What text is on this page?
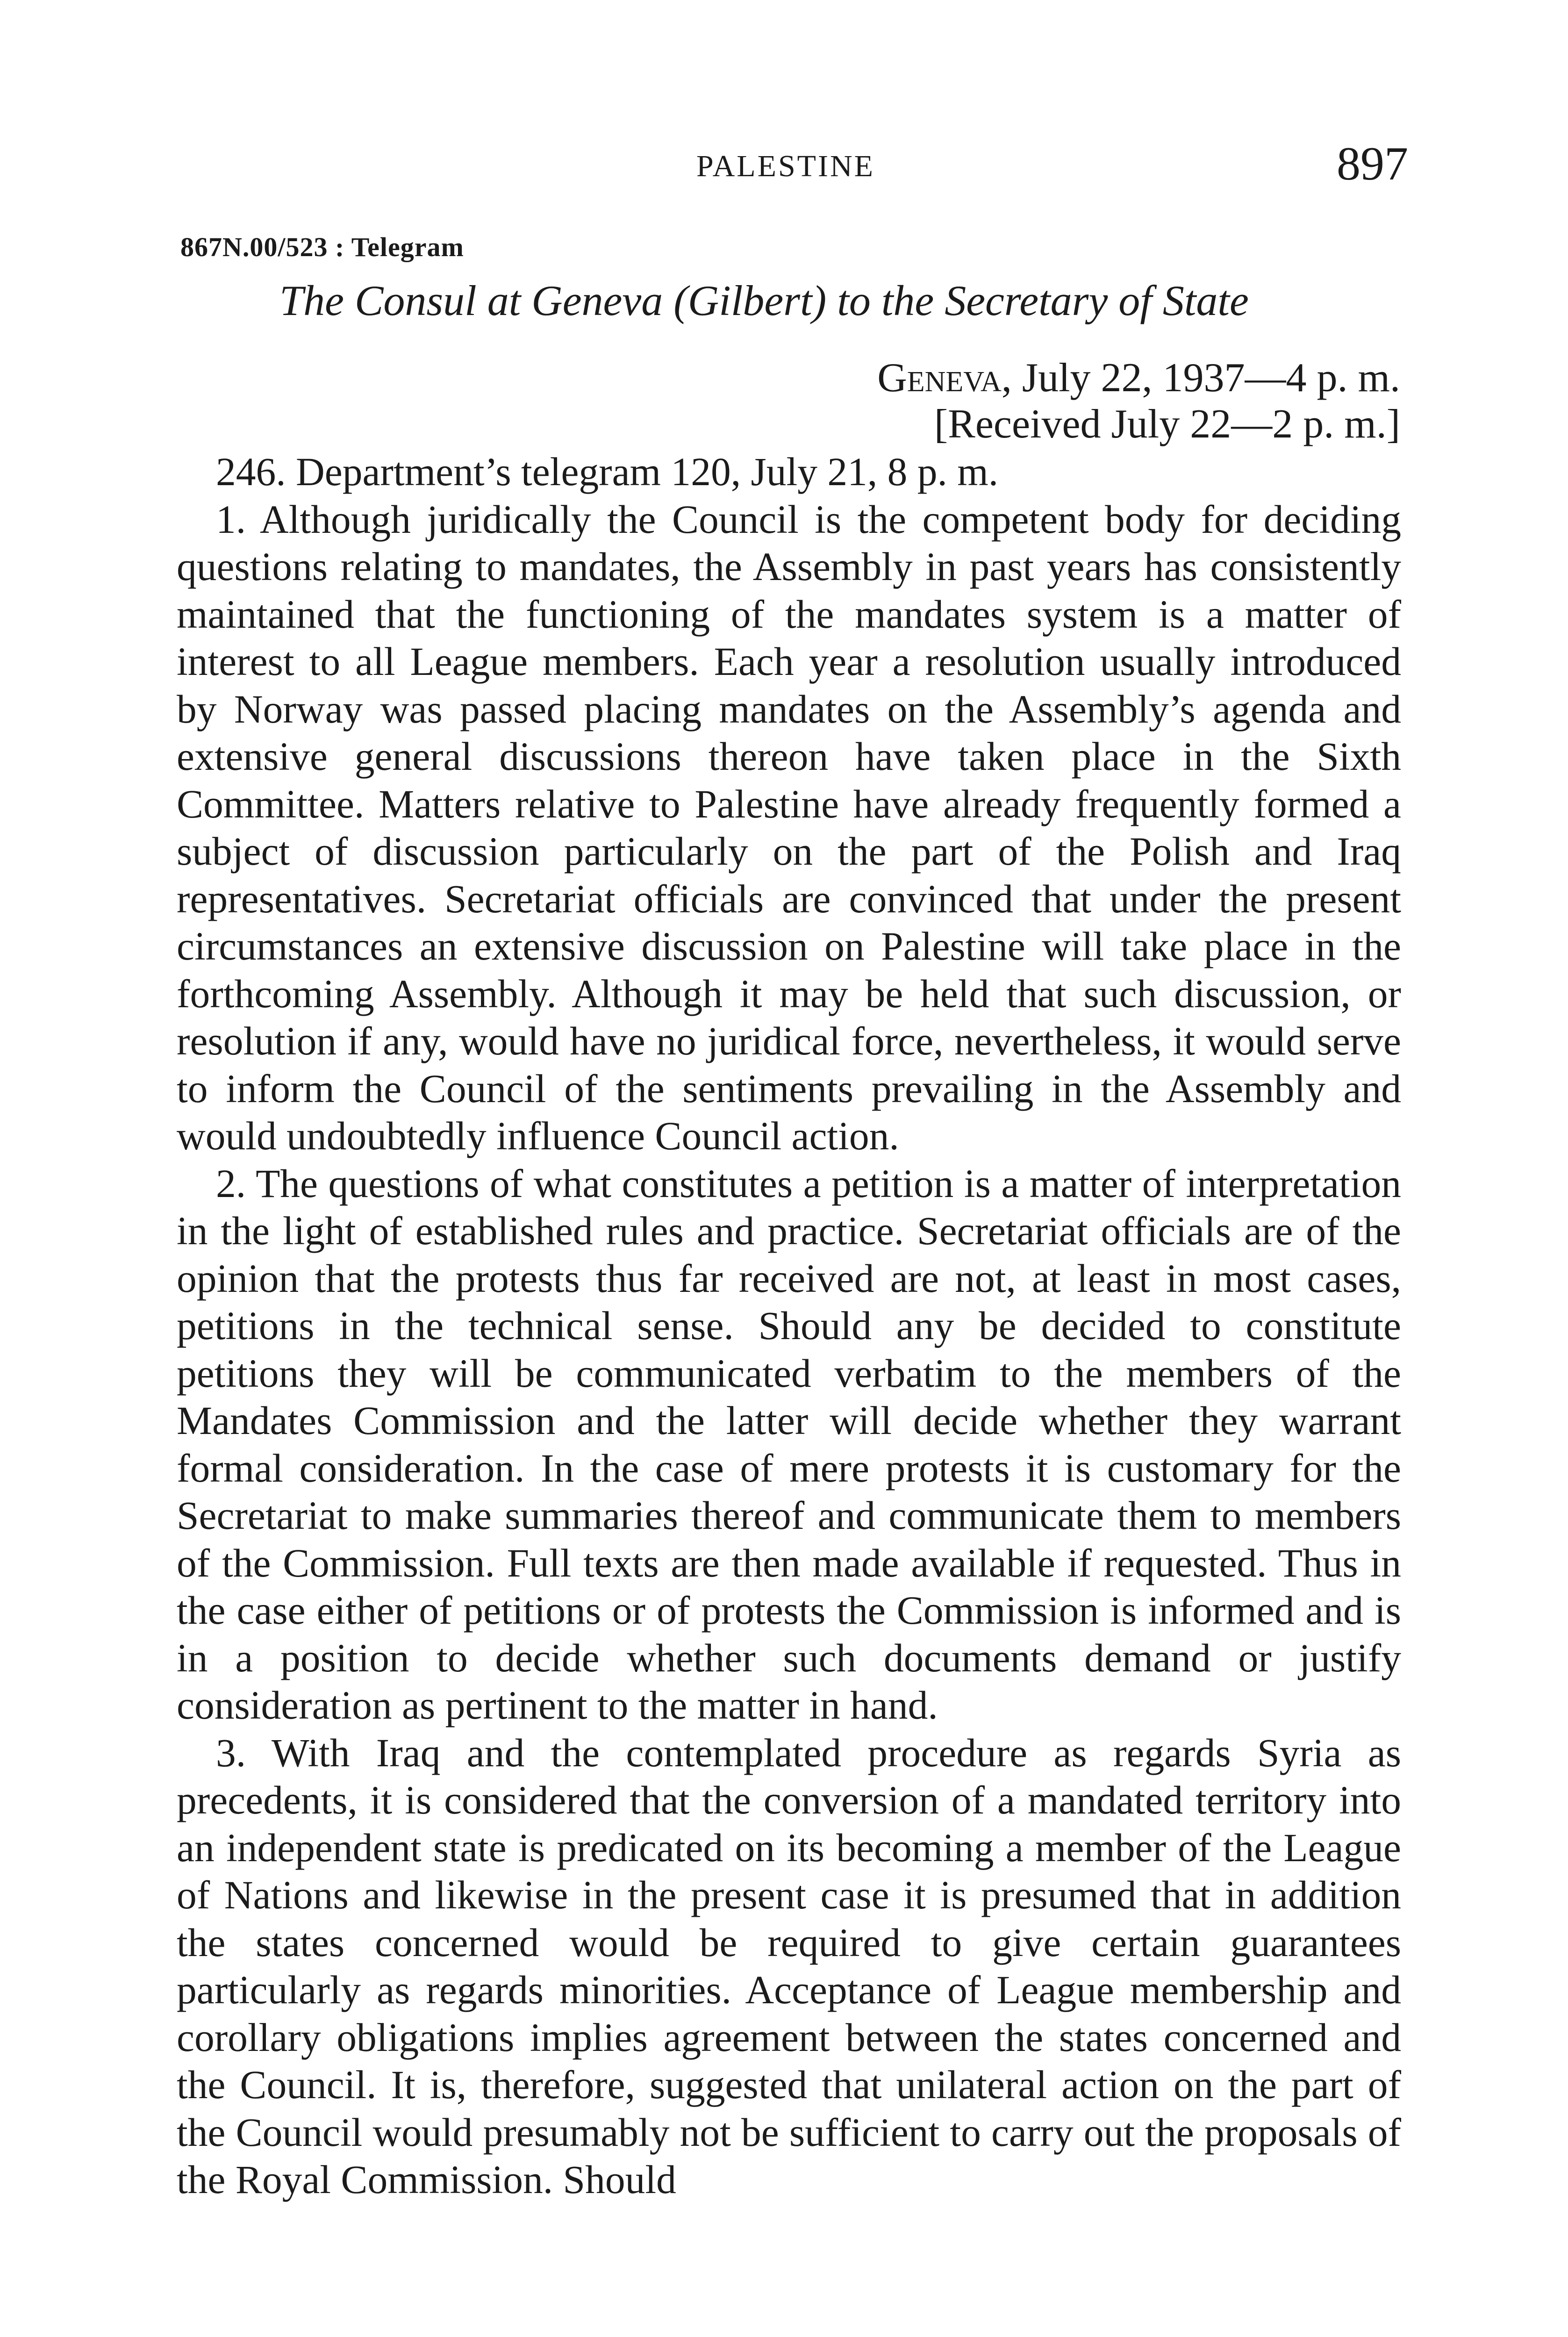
PALESTINE	897
867N.00/523 : Telegram
The Consul at Geneva (Gilbert) to the Secretary of State
Geneva, July 22, 1937—4 p. m.
[Received July 22—2 p. m.]

246. Department’s telegram 120, July 21, 8 p. m.

1. Although juridically the Council is the competent body for deciding questions relating to mandates, the Assembly in past years has consistently maintained that the functioning of the mandates system is a matter of interest to all League members. Each year a resolution usually introduced by Norway was passed placing mandates on the Assembly’s agenda and extensive general discussions thereon have taken place in the Sixth Committee. Matters relative to Palestine have already frequently formed a subject of discussion particularly on the part of the Polish and Iraq representatives. Secretariat officials are convinced that under the present circumstances an extensive discussion on Palestine will take place in the forthcoming Assembly. Although it may be held that such discussion, or resolution if any, would have no juridical force, nevertheless, it would serve to inform the Council of the sentiments prevailing in the Assembly and would undoubtedly influence Council action.

2. The questions of what constitutes a petition is a matter of interpretation in the light of established rules and practice. Secretariat officials are of the opinion that the protests thus far received are not, at least in most cases, petitions in the technical sense. Should any be decided to constitute petitions they will be communicated verbatim to the members of the Mandates Commission and the latter will decide whether they warrant formal consideration. In the case of mere protests it is customary for the Secretariat to make summaries thereof and communicate them to members of the Commission. Full texts are then made available if requested. Thus in the case either of petitions or of protests the Commission is informed and is in a position to decide whether such documents demand or justify consideration as pertinent to the matter in hand.

3. With Iraq and the contemplated procedure as regards Syria as precedents, it is considered that the conversion of a mandated territory into an independent state is predicated on its becoming a member of the League of Nations and likewise in the present case it is presumed that in addition the states concerned would be required to give certain guarantees particularly as regards minorities. Acceptance of League membership and corollary obligations implies agreement between the states concerned and the Council. It is, therefore, suggested that unilateral action on the part of the Council would presumably not be sufficient to carry out the proposals of the Royal Commission. Should
